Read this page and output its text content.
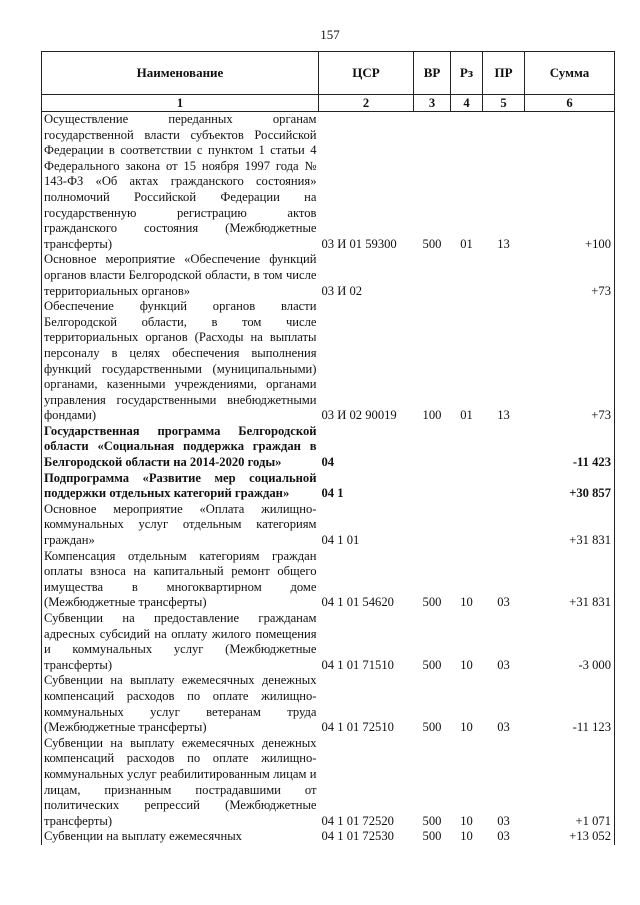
157
Наименование	ЦСР	ВР	Рз	ПР	Сумма
1	2	3	4	5	6
Осуществление переданных органам государственной власти субъектов Российской Федерации в соответствии с пунктом 1 статьи 4 Федерального закона от 15 ноября 1997 года № 143-ФЗ «Об актах гражданского состояния» полномочий Российской Федерации на государственную регистрацию актов гражданского состояния (Межбюджетные трансферты)	03 И 01 59300	500	01	13	+100
Основное мероприятие «Обеспечение функций органов власти Белгородской области, в том числе территориальных органов»	03 И 02				+73
Обеспечение функций органов власти Белгородской области, в том числе территориальных органов (Расходы на выплаты персоналу в целях обеспечения выполнения функций государственными (муниципальными) органами, казенными учреждениями, органами управления государственными внебюджетными фондами)	03 И 02 90019	100	01	13	+73
Государственная программа Белгородской области «Социальная поддержка граждан в Белгородской области на 2014-2020 годы»	04				-11 423
Подпрограмма «Развитие мер социальной поддержки отдельных категорий граждан»	04 1				+30 857
Основное мероприятие «Оплата жилищно-коммунальных услуг отдельным категориям граждан»	04 1 01				+31 831
Компенсация отдельным категориям граждан оплаты взноса на капитальный ремонт общего имущества в многоквартирном доме (Межбюджетные трансферты)	04 1 01 54620	500	10	03	+31 831
Субвенции на предоставление гражданам адресных субсидий на оплату жилого помещения и коммунальных услуг (Межбюджетные трансферты)	04 1 01 71510	500	10	03	-3 000
Субвенции на выплату ежемесячных денежных компенсаций расходов по оплате жилищно-коммунальных услуг ветеранам труда (Межбюджетные трансферты)	04 1 01 72510	500	10	03	-11 123
Субвенции на выплату ежемесячных денежных компенсаций расходов по оплате жилищно-коммунальных услуг реабилитированным лицам и лицам, признанным пострадавшими от политических репрессий (Межбюджетные трансферты)	04 1 01 72520	500	10	03	+1 071
Субвенции на выплату ежемесячных	04 1 01 72530	500	10	03	+13 052
